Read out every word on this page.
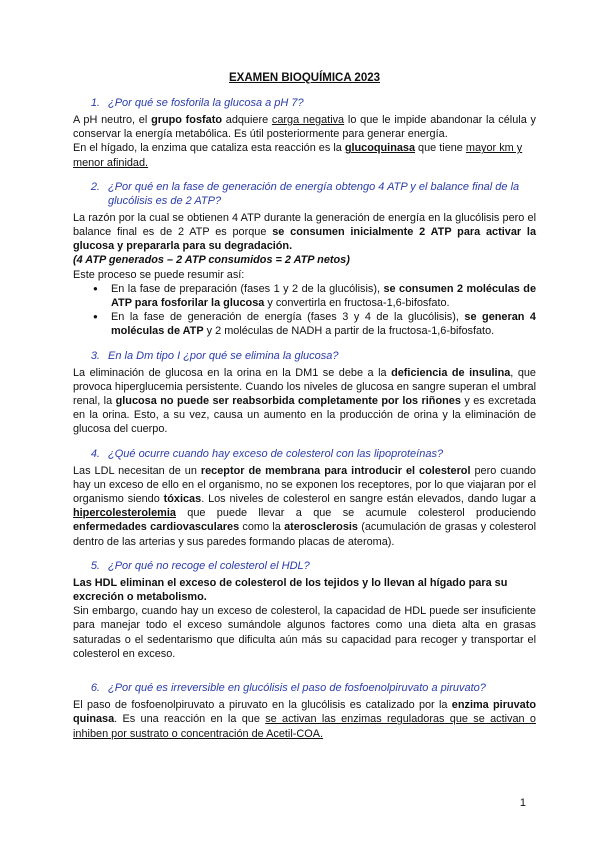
EXAMEN BIOQUÍMICA 2023
1. ¿Por qué se fosforila la glucosa a pH 7?

A pH neutro, el grupo fosfato adquiere carga negativa lo que le impide abandonar la célula y conservar la energía metabólica. Es útil posteriormente para generar energía.

En el hígado, la enzima que cataliza esta reacción es la glucoquinasa que tiene mayor km y menor afinidad.

2. ¿Por qué en la fase de generación de energía obtengo 4 ATP y el balance final de la glucólisis es de 2 ATP?

La razón por la cual se obtienen 4 ATP durante la generación de energía en la glucólisis pero el balance final es de 2 ATP es porque se consumen inicialmente 2 ATP para activar la glucosa y prepararla para su degradación.

(4 ATP generados – 2 ATP consumidos = 2 ATP netos)

Este proceso se puede resumir así:

● En la fase de preparación (fases 1 y 2 de la glucólisis), se consumen 2 moléculas de ATP para fosforilar la glucosa y convertirla en fructosa-1,6-bifosfato.
● En la fase de generación de energía (fases 3 y 4 de la glucólisis), se generan 4 moléculas de ATP y 2 moléculas de NADH a partir de la fructosa-1,6-bifosfato.
3. En la Dm tipo I ¿por qué se elimina la glucosa?

La eliminación de glucosa en la orina en la DM1 se debe a la deficiencia de insulina, que provoca hiperglucemia persistente. Cuando los niveles de glucosa en sangre superan el umbral renal, la glucosa no puede ser reabsorbida completamente por los riñones y es excretada en la orina. Esto, a su vez, causa un aumento en la producción de orina y la eliminación de glucosa del cuerpo.

4. ¿Qué ocurre cuando hay exceso de colesterol con las lipoproteínas?

Las LDL necesitan de un receptor de membrana para introducir el colesterol pero cuando hay un exceso de ello en el organismo, no se exponen los receptores, por lo que viajaran por el organismo siendo tóxicas. Los niveles de colesterol en sangre están elevados, dando lugar a hipercolesterolemia que puede llevar a que se acumule colesterol produciendo enfermedades cardiovasculares como la aterosclerosis (acumulación de grasas y colesterol dentro de las arterias y sus paredes formando placas de ateroma).

5. ¿Por qué no recoge el colesterol el HDL?

Las HDL eliminan el exceso de colesterol de los tejidos y lo llevan al hígado para su excreción o metabolismo.

Sin embargo, cuando hay un exceso de colesterol, la capacidad de HDL puede ser insuficiente para manejar todo el exceso sumándole algunos factores como una dieta alta en grasas saturadas o el sedentarismo que dificulta aún más su capacidad para recoger y transportar el colesterol en exceso.

6. ¿Por qué es irreversible en glucólisis el paso de fosfoenolpiruvato a piruvato?

El paso de fosfoenolpiruvato a piruvato en la glucólisis es catalizado por la enzima piruvato quinasa. Es una reacción en la que se activan las enzimas reguladoras que se activan o inhiben por sustrato o concentración de Acetil-COA.

1
